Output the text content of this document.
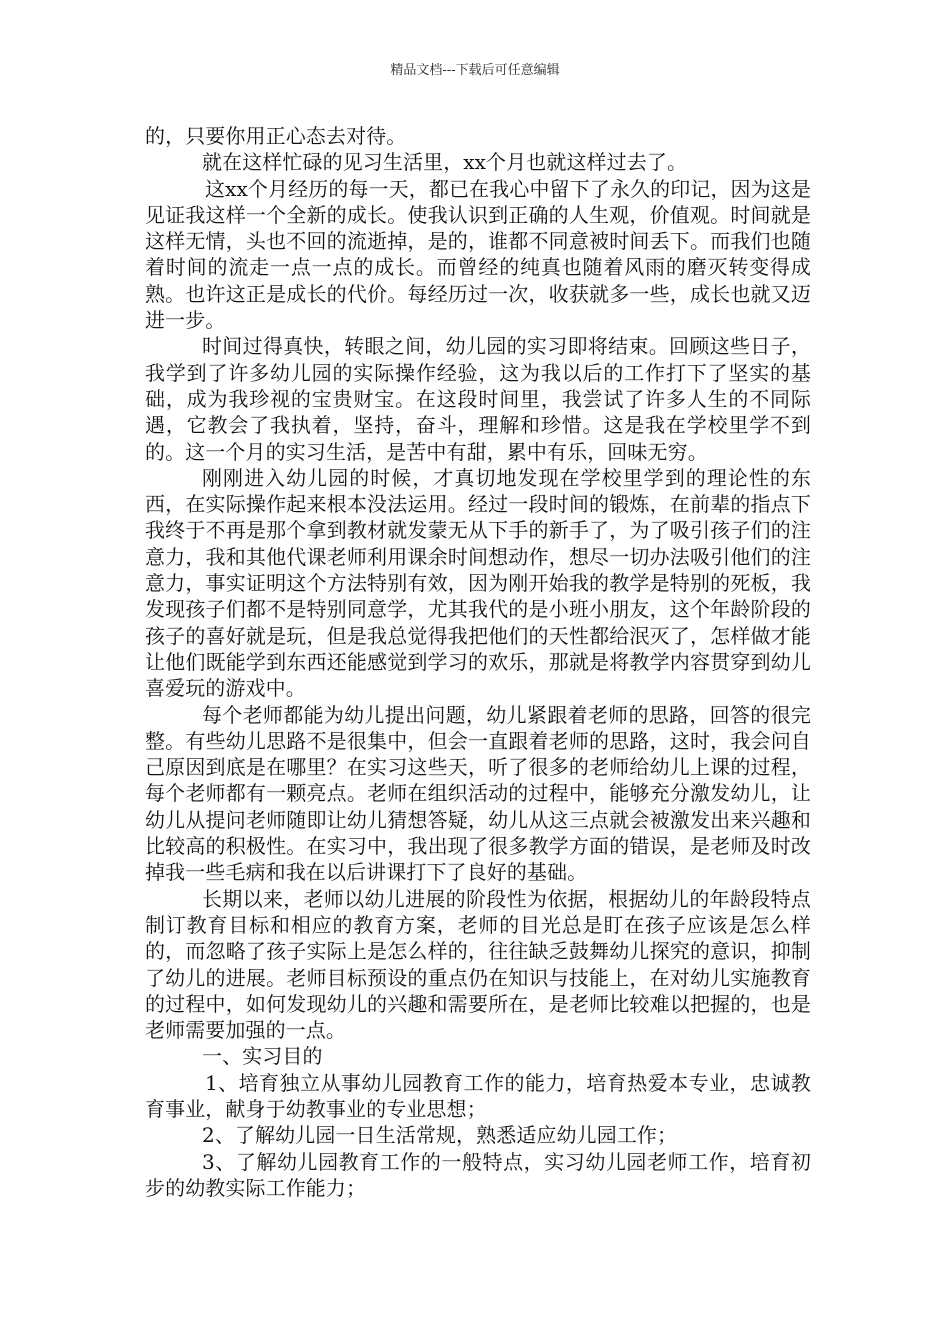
精品文档---下载后可任意编辑

的，只要你用正心态去对待。

就在这样忙碌的见习生活里，xx个月也就这样过去了。

这xx个月经历的每一天，都已在我心中留下了永久的印记，因为这是见证我这样一个全新的成长。使我认识到正确的人生观，价值观。时间就是这样无情，头也不回的流逝掉，是的，谁都不同意被时间丢下。而我们也随着时间的流走一点一点的成长。而曾经的纯真也随着风雨的磨灭转变得成熟。也许这正是成长的代价。每经历过一次，收获就多一些，成长也就又迈进一步。

时间过得真快，转眼之间，幼儿园的实习即将结束。回顾这些日子，我学到了许多幼儿园的实际操作经验，这为我以后的工作打下了坚实的基础，成为我珍视的宝贵财宝。在这段时间里，我尝试了许多人生的不同际遇，它教会了我执着，坚持，奋斗，理解和珍惜。这是我在学校里学不到的。这一个月的实习生活，是苦中有甜，累中有乐，回味无穷。

刚刚进入幼儿园的时候，才真切地发现在学校里学到的理论性的东西，在实际操作起来根本没法运用。经过一段时间的锻炼，在前辈的指点下我终于不再是那个拿到教材就发蒙无从下手的新手了，为了吸引孩子们的注意力，我和其他代课老师利用课余时间想动作，想尽一切办法吸引他们的注意力，事实证明这个方法特别有效，因为刚开始我的教学是特别的死板，我发现孩子们都不是特别同意学，尤其我代的是小班小朋友，这个年龄阶段的孩子的喜好就是玩，但是我总觉得我把他们的天性都给泯灭了，怎样做才能让他们既能学到东西还能感觉到学习的欢乐，那就是将教学内容贯穿到幼儿喜爱玩的游戏中。

每个老师都能为幼儿提出问题，幼儿紧跟着老师的思路，回答的很完整。有些幼儿思路不是很集中，但会一直跟着老师的思路，这时，我会问自己原因到底是在哪里？在实习这些天，听了很多的老师给幼儿上课的过程，每个老师都有一颗亮点。老师在组织活动的过程中，能够充分激发幼儿，让幼儿从提问老师随即让幼儿猜想答疑，幼儿从这三点就会被激发出来兴趣和比较高的积极性。在实习中，我出现了很多教学方面的错误，是老师及时改掉我一些毛病和我在以后讲课打下了良好的基础。

长期以来，老师以幼儿进展的阶段性为依据，根据幼儿的年龄段特点制订教育目标和相应的教育方案，老师的目光总是盯在孩子应该是怎么样的，而忽略了孩子实际上是怎么样的，往往缺乏鼓舞幼儿探究的意识，抑制了幼儿的进展。老师目标预设的重点仍在知识与技能上，在对幼儿实施教育的过程中，如何发现幼儿的兴趣和需要所在，是老师比较难以把握的，也是老师需要加强的一点。

一、实习目的

1、培育独立从事幼儿园教育工作的能力，培育热爱本专业，忠诚教育事业，献身于幼教事业的专业思想；

2、了解幼儿园一日生活常规，熟悉适应幼儿园工作；

3、了解幼儿园教育工作的一般特点，实习幼儿园老师工作，培育初步的幼教实际工作能力；
